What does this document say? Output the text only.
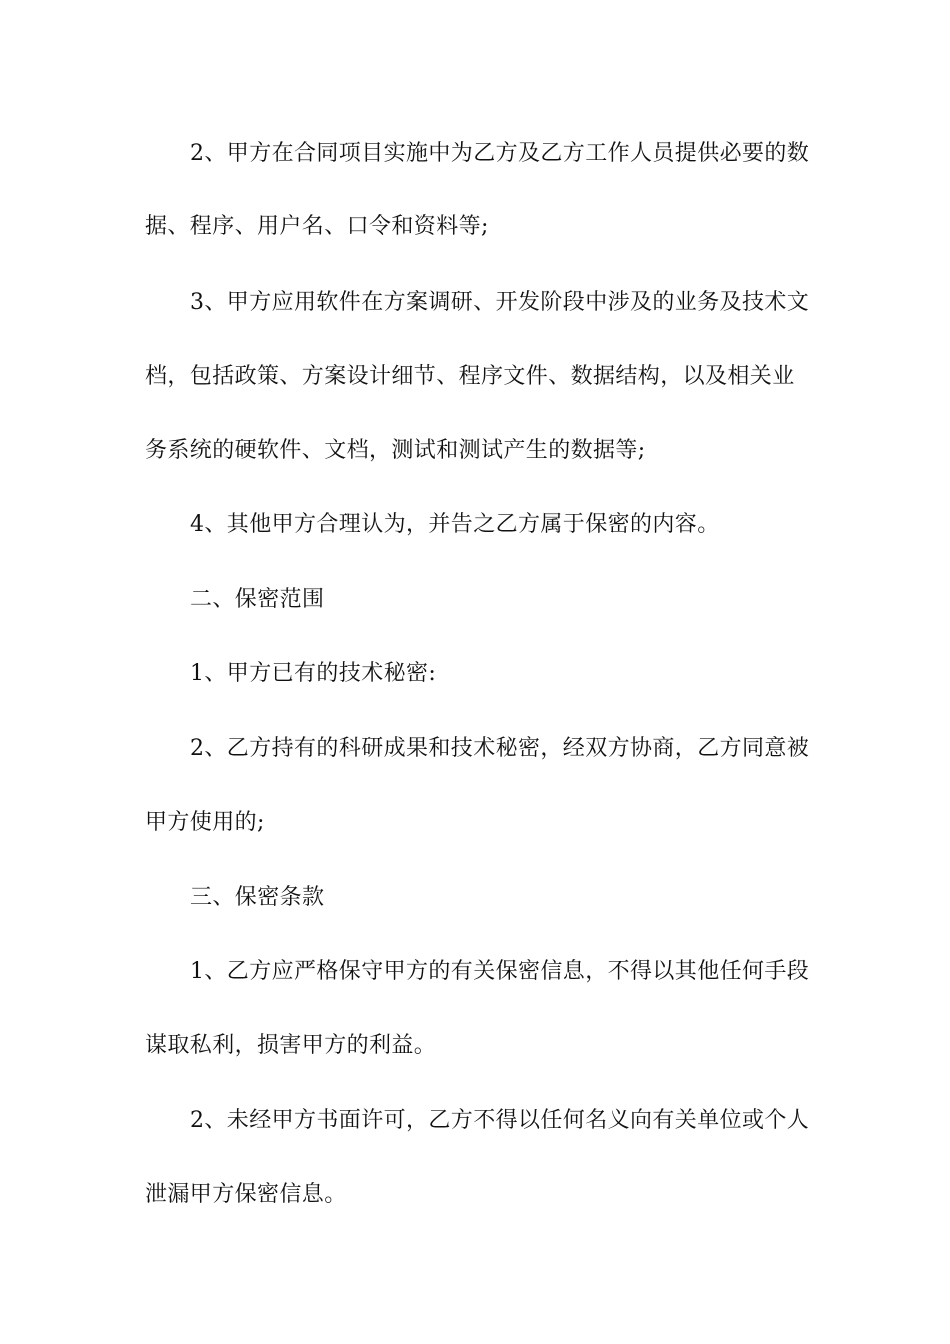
2、甲方在合同项目实施中为乙方及乙方工作人员提供必要的数
据、程序、用户名、口令和资料等;
3、甲方应用软件在方案调研、开发阶段中涉及的业务及技术文
档，包括政策、方案设计细节、程序文件、数据结构，以及相关业
务系统的硬软件、文档，测试和测试产生的数据等;
4、其他甲方合理认为，并告之乙方属于保密的内容。
二、保密范围
1、甲方已有的技术秘密:
2、乙方持有的科研成果和技术秘密，经双方协商，乙方同意被
甲方使用的;
三、保密条款
1、乙方应严格保守甲方的有关保密信息，不得以其他任何手段
谋取私利，损害甲方的利益。
2、未经甲方书面许可，乙方不得以任何名义向有关单位或个人
泄漏甲方保密信息。
